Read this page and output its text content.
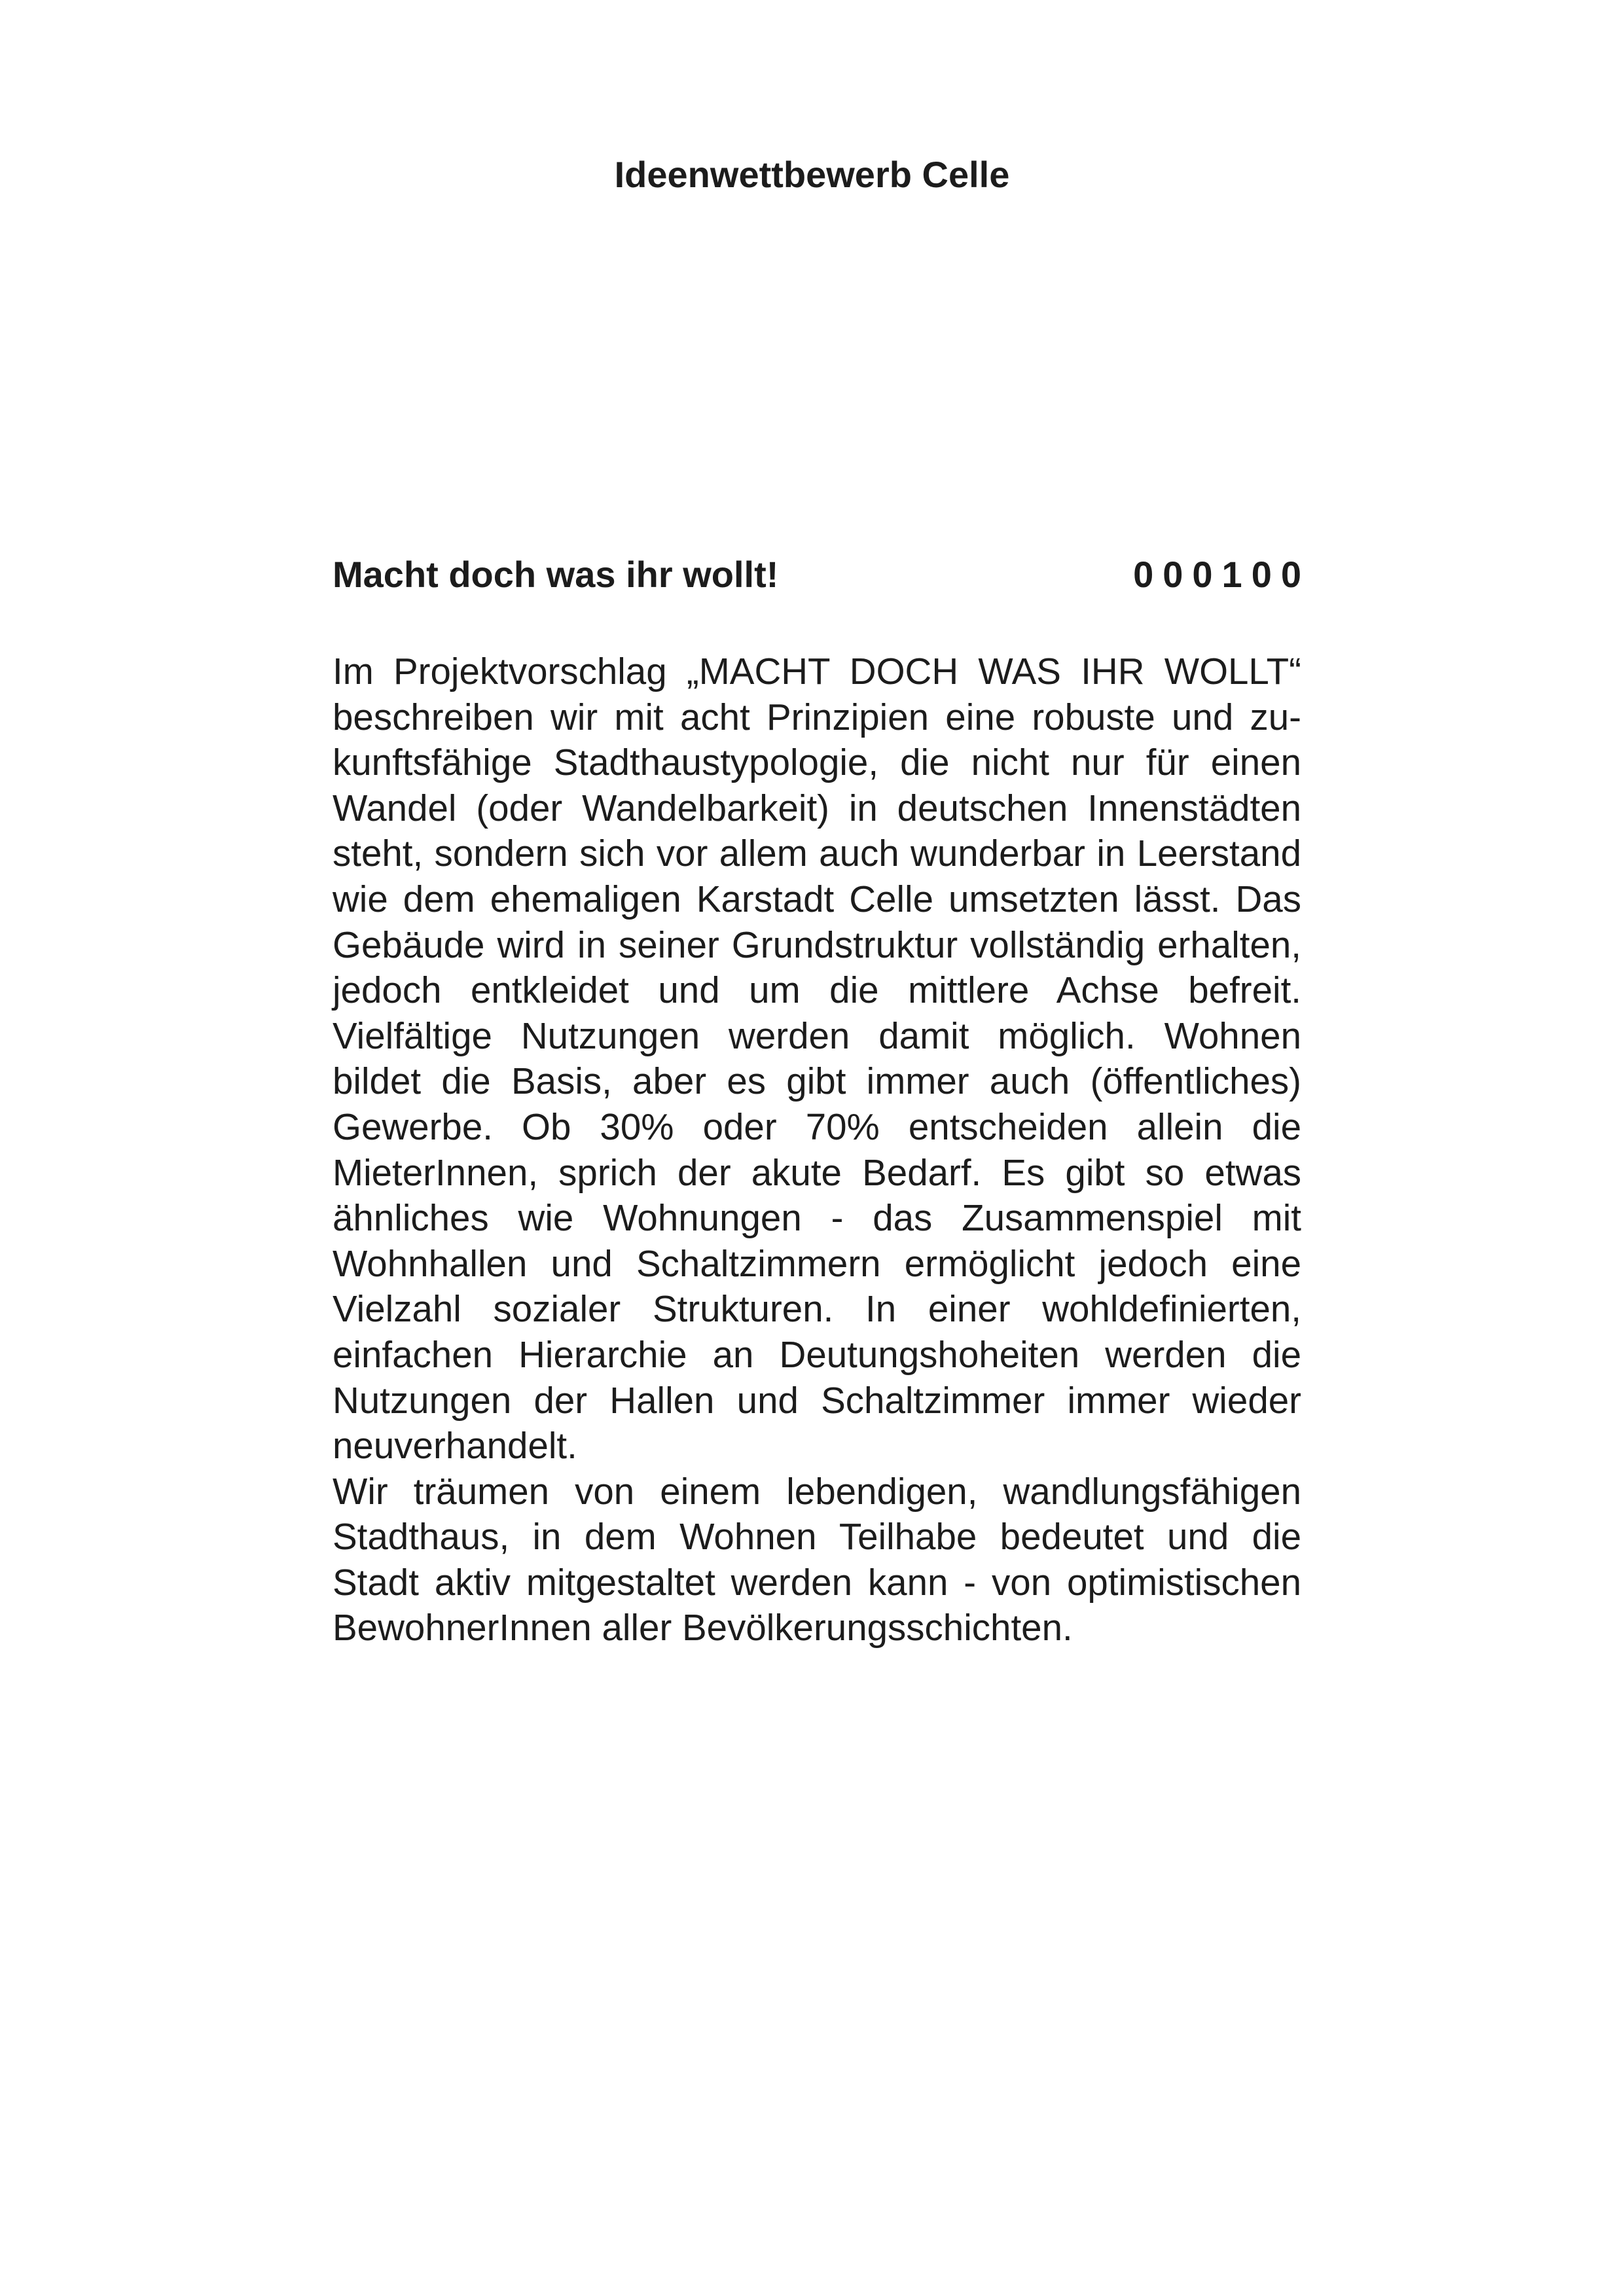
Ideenwettbewerb Celle
Macht doch was ihr wollt!	000100

Im Projektvorschlag „MACHT DOCH WAS IHR WOLLT“ beschreiben wir mit acht Prinzipien eine robuste und zukunftsfähige Stadthaustypologie, die nicht nur für einen Wandel (oder Wandelbarkeit) in deutschen Innenstädten steht, sondern sich vor allem auch wunderbar in Leerstand wie dem ehemaligen Karstadt Celle umsetzten lässt. Das Gebäude wird in seiner Grundstruktur vollständig erhalten, jedoch entkleidet und um die mittlere Achse befreit. Vielfältige Nutzungen werden damit möglich. Wohnen bildet die Basis, aber es gibt immer auch (öffentliches) Gewerbe. Ob 30% oder 70% entscheiden allein die MieterInnen, sprich der akute Bedarf. Es gibt so etwas ähnliches wie Wohnungen - das Zusammenspiel mit Wohnhallen und Schaltzimmern ermöglicht jedoch eine Vielzahl sozialer Strukturen. In einer wohldefinierten, einfachen Hierarchie an Deutungshoheiten werden die Nutzungen der Hallen und Schaltzimmer immer wieder neuverhandelt.

Wir träumen von einem lebendigen, wandlungsfähigen Stadthaus, in dem Wohnen Teilhabe bedeutet und die Stadt aktiv mitgestaltet werden kann - von optimistischen BewohnerInnen aller Bevölkerungsschichten.
